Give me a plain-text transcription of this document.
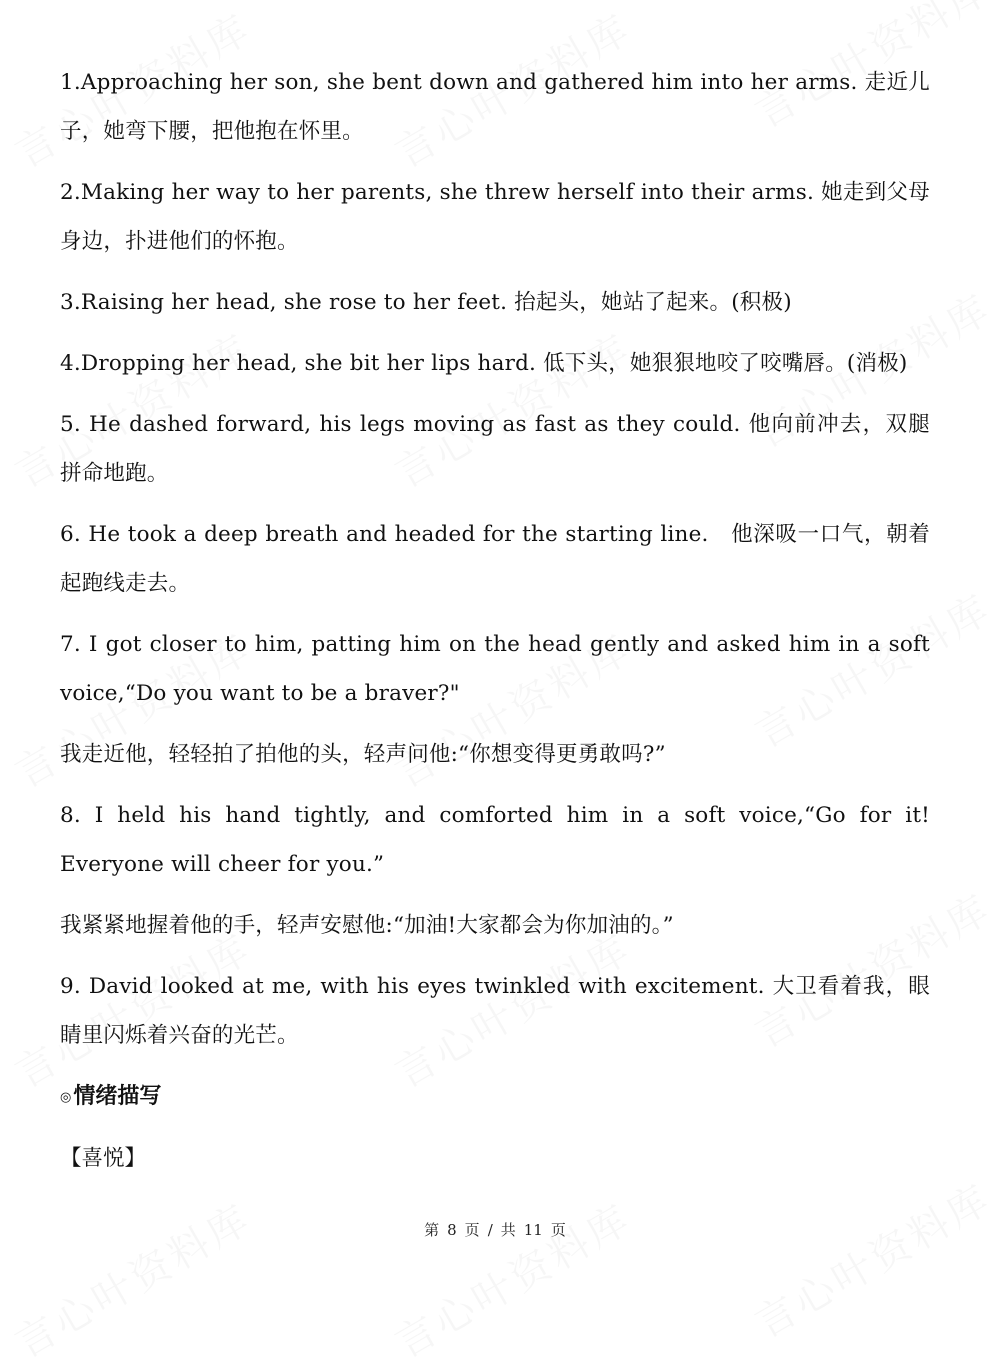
1.Approaching her son, she bent down and gathered him into her arms. 走近儿子，她弯下腰，把他抱在怀里。

2.Making her way to her parents, she threw herself into their arms. 她走到父母身边，扑进他们的怀抱。

3.Raising her head, she rose to her feet. 抬起头，她站了起来。(积极)

4.Dropping her head, she bit her lips hard. 低下头，她狠狠地咬了咬嘴唇。(消极)

5. He dashed forward, his legs moving as fast as they could. 他向前冲去，双腿拼命地跑。

6. He took a deep breath and headed for the starting line.　他深吸一口气，朝着起跑线走去。

7. I got closer to him, patting him on the head gently and asked him in a soft voice,“Do you want to be a braver?"

我走近他，轻轻拍了拍他的头，轻声问他:“你想变得更勇敢吗?”

8. I held his hand tightly, and comforted him in a soft voice,“Go for it! Everyone will cheer for you.”

我紧紧地握着他的手，轻声安慰他:“加油!大家都会为你加油的。”

9. David looked at me, with his eyes twinkled with excitement. 大卫看着我，眼睛里闪烁着兴奋的光芒。

◎情绪描写
【喜悦】
第 8 页 / 共 11 页
